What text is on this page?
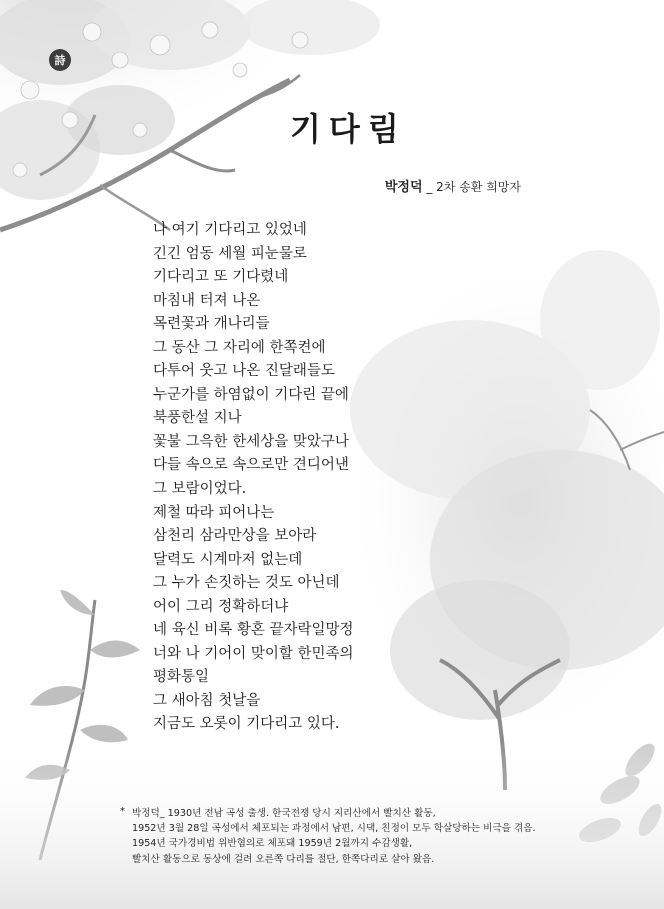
詩
기다림
박정덕 _ 2차 송환 희망자
나 여기 기다리고 있었네
긴긴 엄동 세월 피눈물로
기다리고 또 기다렸네
마침내 터져 나온
목련꽃과 개나리들
그 동산 그 자리에 한쪽켠에
다투어 웃고 나온 진달래들도
누군가를 하염없이 기다린 끝에
북풍한설 지나
꽃불 그윽한 한세상을 맞았구나
다들 속으로 속으로만 견디어낸
그 보람이었다.
제철 따라 피어나는
삼천리 삼라만상을 보아라
달력도 시계마저 없는데
그 누가 손짓하는 것도 아닌데
어이 그리 정확하더냐
네 육신 비록 황혼 끝자락일망정
너와 나 기어이 맞이할 한민족의
평화통일
그 새아침 첫날을
지금도 오롯이 기다리고 있다.
* 박정덕_ 1930년 전남 곡성 출생. 한국전쟁 당시 지리산에서 빨치산 활동,
1952년 3월 28일 곡성에서 체포되는 과정에서 남편, 시댁, 친정이 모두 학살당하는 비극을 겪음.
1954년 국가경비법 위반혐의로 체포돼 1959년 2월까지 수감생활,
빨치산 활동으로 동상에 걸려 오른쪽 다리를 절단, 한쪽다리로 살아 왔음.
